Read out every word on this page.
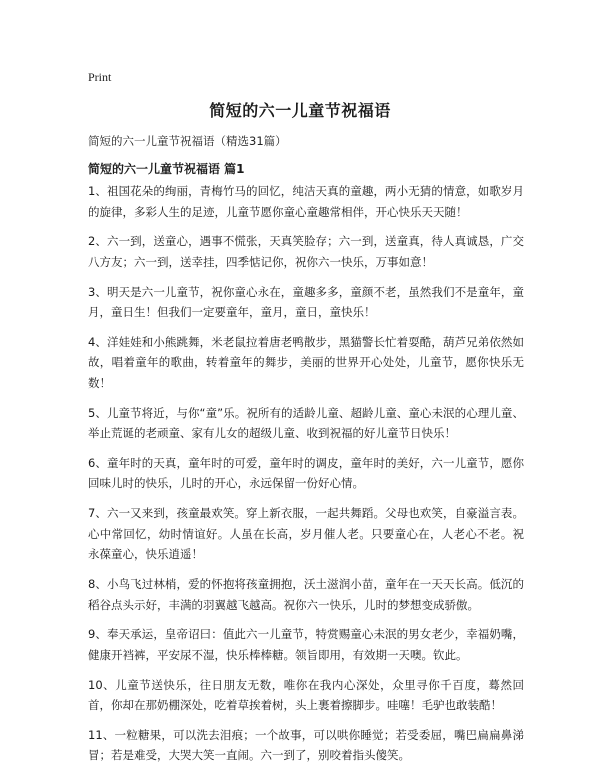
Print
简短的六一儿童节祝福语
简短的六一儿童节祝福语（精选31篇）
简短的六一儿童节祝福语 篇1

1、祖国花朵的绚丽，青梅竹马的回忆，纯洁天真的童趣，两小无猜的情意，如歌岁月的旋律，多彩人生的足迹，儿童节愿你童心童趣常相伴，开心快乐天天随！

2、六一到，送童心，遇事不慌张，天真笑脸存；六一到，送童真，待人真诚恳，广交八方友；六一到，送幸挂，四季惦记你，祝你六一快乐，万事如意！

3、明天是六一儿童节，祝你童心永在，童趣多多，童颜不老，虽然我们不是童年，童月，童日生！但我们一定要童年，童月，童日，童快乐！

4、洋娃娃和小熊跳舞，米老鼠拉着唐老鸭散步，黑猫警长忙着耍酷，葫芦兄弟依然如故，唱着童年的歌曲，转着童年的舞步，美丽的世界开心处处，儿童节，愿你快乐无数！

5、儿童节将近，与你“童”乐。祝所有的适龄儿童、超龄儿童、童心未泯的心理儿童、举止荒诞的老顽童、家有儿女的超级儿童、收到祝福的好儿童节日快乐！

6、童年时的天真，童年时的可爱，童年时的调皮，童年时的美好，六一儿童节，愿你回味儿时的快乐，儿时的开心，永远保留一份好心情。

7、六一又来到，孩童最欢笑。穿上新衣服，一起共舞蹈。父母也欢笑，自豪溢言表。心中常回忆，幼时情谊好。人虽在长高，岁月催人老。只要童心在，人老心不老。祝永葆童心，快乐逍遥！

8、小鸟飞过林梢，爱的怀抱将孩童拥抱，沃土滋润小苗，童年在一天天长高。低沉的稻谷点头示好，丰满的羽翼越飞越高。祝你六一快乐，儿时的梦想变成骄傲。

9、奉天承运，皇帝诏曰：值此六一儿童节，特赏赐童心未泯的男女老少，幸福奶嘴，健康开裆裤，平安尿不湿，快乐棒棒糖。领旨即用，有效期一天噢。钦此。

10、儿童节送快乐，往日朋友无数，唯你在我内心深处，众里寻你千百度，蓦然回首，你却在那奶棚深处，吃着草挨着树，头上裹着擦脚步。哇噻！毛驴也敢装酷！

11、一粒糖果，可以洗去泪痕；一个故事，可以哄你睡觉；若受委屈，嘴巴扁扁鼻涕冒；若是难受，大哭大笑一直闹。六一到了，别咬着指头傻笑。
